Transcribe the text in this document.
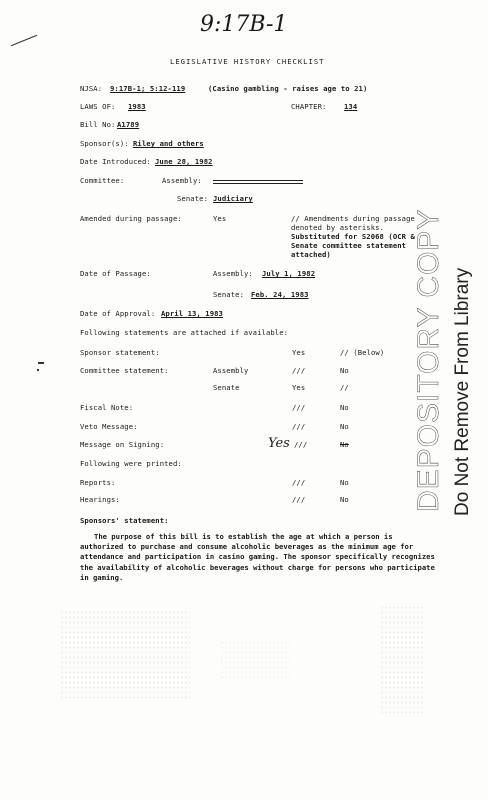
9:17B-1
LEGISLATIVE HISTORY CHECKLIST
NJSA: 9:17B-1; 5:12-119	(Casino gambling - raises age to 21)
LAWS OF: 1983	CHAPTER: 134
Bill No: A1789
Sponsor(s): Riley and others
Date Introduced: June 28, 1982
Committee:	Assembly:
Senate: Judiciary
Amended during passage:	Yes	// Amendments during passage
denoted by asterisks.
Substituted for S2068 (OCR &
Senate committee statement
attached)
Date of Passage:	Assembly: July 1, 1982
Senate: Feb. 24, 1983
Date of Approval: April 13, 1983
Following statements are attached if available:
Sponsor statement:	Yes	// (Below)
Committee statement:	Assembly	///	No
Senate	Yes	//
Fiscal Note:	///	No
Veto Message:	///	No
Message on Signing:	Yes ///	No
Following were printed:
Reports:	///	No
Hearings:	///	No
Sponsors' statement:
The purpose of this bill is to establish the age at which a person is authorized to purchase and consume alcoholic beverages as the minimum age for attendance and participation in casino gaming. The sponsor specifically recognizes the availability of alcoholic beverages without charge for persons who participate in gaming.
DEPOSITORY COPY Do Not Remove From Library
